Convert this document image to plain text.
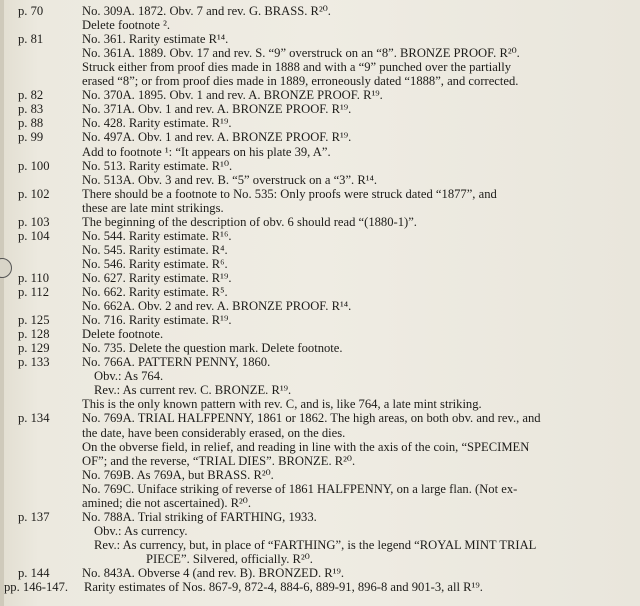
p. 70	No. 309A. 1872. Obv. 7 and rev. G. BRASS. R²⁰.
Delete footnote ².
p. 81	No. 361. Rarity estimate R¹⁴.
No. 361A. 1889. Obv. 17 and rev. S. “9” overstruck on an “8”. BRONZE PROOF. R²⁰.
Struck either from proof dies made in 1888 and with a “9” punched over the partially
erased “8”; or from proof dies made in 1889, erroneously dated “1888”, and corrected.
p. 82	No. 370A. 1895. Obv. 1 and rev. A. BRONZE PROOF. R¹⁹.
p. 83	No. 371A. Obv. 1 and rev. A. BRONZE PROOF. R¹⁹.
p. 88	No. 428. Rarity estimate. R¹⁹.
p. 99	No. 497A. Obv. 1 and rev. A. BRONZE PROOF. R¹⁹.
Add to footnote ¹: “It appears on his plate 39, A”.
p. 100	No. 513. Rarity estimate. R¹⁰.
No. 513A. Obv. 3 and rev. B. “5” overstruck on a “3”. R¹⁴.
p. 102	There should be a footnote to No. 535: Only proofs were struck dated “1877”, and
these are late mint strikings.
p. 103	The beginning of the description of obv. 6 should read “(1880-1)”.
p. 104	No. 544. Rarity estimate. R¹⁶.
No. 545. Rarity estimate. R⁴.
No. 546. Rarity estimate. R⁶.
p. 110	No. 627. Rarity estimate. R¹⁹.
p. 112	No. 662. Rarity estimate. R⁵.
No. 662A. Obv. 2 and rev. A. BRONZE PROOF. R¹⁴.
p. 125	No. 716. Rarity estimate. R¹⁹.
p. 128	Delete footnote.
p. 129	No. 735. Delete the question mark. Delete footnote.
p. 133	No. 766A. PATTERN PENNY, 1860.
Obv.: As 764.
Rev.: As current rev. C. BRONZE. R¹⁹.
This is the only known pattern with rev. C, and is, like 764, a late mint striking.
p. 134	No. 769A. TRIAL HALFPENNY, 1861 or 1862. The high areas, on both obv. and rev., and
the date, have been considerably erased, on the dies.
On the obverse field, in relief, and reading in line with the axis of the coin, “SPECIMEN
OF”; and the reverse, “TRIAL DIES”. BRONZE. R²⁰.
No. 769B. As 769A, but BRASS. R²⁰.
No. 769C. Uniface striking of reverse of 1861 HALFPENNY, on a large flan. (Not ex-
amined; die not ascertained). R²⁰.
p. 137	No. 788A. Trial striking of FARTHING, 1933.
Obv.: As currency.
Rev.: As currency, but, in place of “FARTHING”, is the legend “ROYAL MINT TRIAL
PIECE”. Silvered, officially. R²⁰.
p. 144	No. 843A. Obverse 4 (and rev. B). BRONZED. R¹⁹.
pp. 146-147.	Rarity estimates of Nos. 867-9, 872-4, 884-6, 889-91, 896-8 and 901-3, all R¹⁹.
